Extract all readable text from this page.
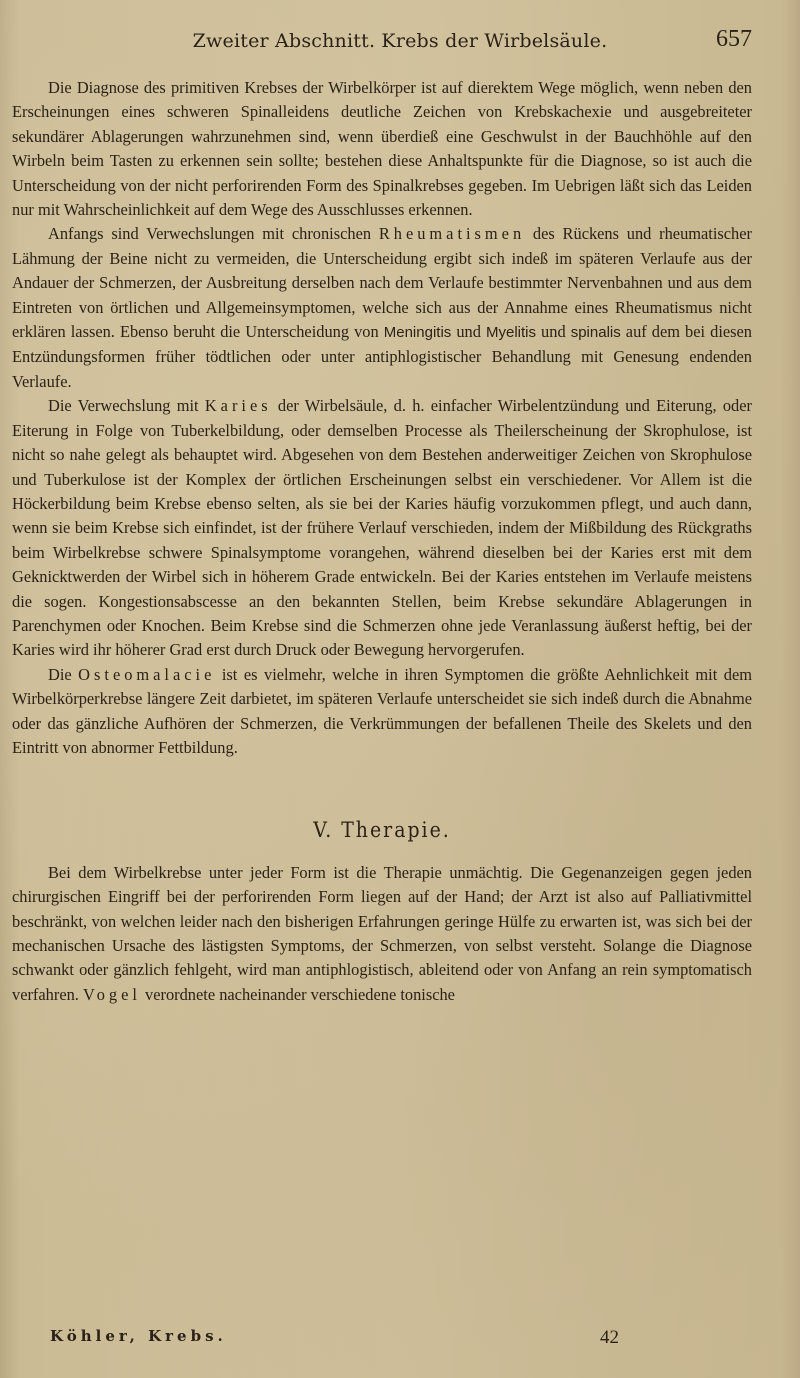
Zweiter Abschnitt. Krebs der Wirbelsäule.	657

Die Diagnose des primitiven Krebses der Wirbelkörper ist auf dierektem Wege möglich, wenn neben den Erscheinungen eines schweren Spinalleidens deutliche Zeichen von Krebskachexie und ausgebreiteter sekundärer Ablagerungen wahrzunehmen sind, wenn überdieß eine Geschwulst in der Bauchhöhle auf den Wirbeln beim Tasten zu erkennen sein sollte; bestehen diese Anhaltspunkte für die Diagnose, so ist auch die Unterscheidung von der nicht perforirenden Form des Spinalkrebses gegeben. Im Uebrigen läßt sich das Leiden nur mit Wahrscheinlichkeit auf dem Wege des Ausschlusses erkennen.

Anfangs sind Verwechslungen mit chronischen Rheumatismen des Rückens und rheumatischer Lähmung der Beine nicht zu vermeiden, die Unterscheidung ergibt sich indeß im späteren Verlaufe aus der Andauer der Schmerzen, der Ausbreitung derselben nach dem Verlaufe bestimmter Nervenbahnen und aus dem Eintreten von örtlichen und Allgemeinsymptomen, welche sich aus der Annahme eines Rheumatismus nicht erklären lassen. Ebenso beruht die Unterscheidung von Meningitis und Myelitis und spinalis auf dem bei diesen Entzündungsformen früher tödtlichen oder unter antiphlogistischer Behandlung mit Genesung endenden Verlaufe.

Die Verwechslung mit Karies der Wirbelsäule, d. h. einfacher Wirbelentzündung und Eiterung, oder Eiterung in Folge von Tuberkelbildung, oder demselben Processe als Theilerscheinung der Skrophulose, ist nicht so nahe gelegt als behauptet wird. Abgesehen von dem Bestehen anderweitiger Zeichen von Skrophulose und Tuberkulose ist der Komplex der örtlichen Erscheinungen selbst ein verschiedener. Vor Allem ist die Höckerbildung beim Krebse ebenso selten, als sie bei der Karies häufig vorzukommen pflegt, und auch dann, wenn sie beim Krebse sich einfindet, ist der frühere Verlauf verschieden, indem der Mißbildung des Rückgraths beim Wirbelkrebse schwere Spinalsymptome vorangehen, während dieselben bei der Karies erst mit dem Geknicktwerden der Wirbel sich in höherem Grade entwickeln. Bei der Karies entstehen im Verlaufe meistens die sogen. Kongestionsabscesse an den bekannten Stellen, beim Krebse sekundäre Ablagerungen in Parenchymen oder Knochen. Beim Krebse sind die Schmerzen ohne jede Veranlassung äußerst heftig, bei der Karies wird ihr höherer Grad erst durch Druck oder Bewegung hervorgerufen.

Die Osteomalacie ist es vielmehr, welche in ihren Symptomen die größte Aehnlichkeit mit dem Wirbelkörperkrebse längere Zeit darbietet, im späteren Verlaufe unterscheidet sie sich indeß durch die Abnahme oder das gänzliche Aufhören der Schmerzen, die Verkrümmungen der befallenen Theile des Skelets und den Eintritt von abnormer Fettbildung.

V. Therapie.

Bei dem Wirbelkrebse unter jeder Form ist die Therapie unmächtig. Die Gegenanzeigen gegen jeden chirurgischen Eingriff bei der perforirenden Form liegen auf der Hand; der Arzt ist also auf Palliativmittel beschränkt, von welchen leider nach den bisherigen Erfahrungen geringe Hülfe zu erwarten ist, was sich bei der mechanischen Ursache des lästigsten Symptoms, der Schmerzen, von selbst versteht. Solange die Diagnose schwankt oder gänzlich fehlgeht, wird man antiphlogistisch, ableitend oder von Anfang an rein symptomatisch verfahren. Vogel verordnete nacheinander verschiedene tonische

Köhler, Krebs.	42
